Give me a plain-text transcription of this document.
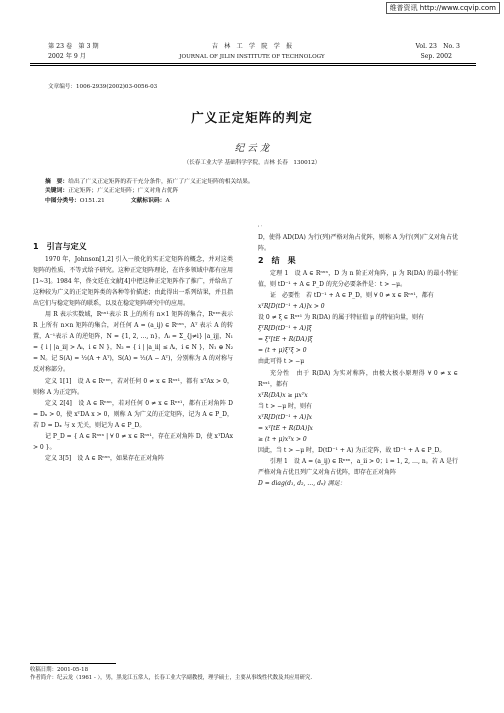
维普资讯 http://www.cqvip.com
第 23 卷　第 3 期
2002 年 9 月
吉　林　工　学　院　学　报
JOURNAL OF JILIN INSTITUTE OF TECHNOLOGY
Vol. 23　No. 3
Sep. 2002
文章编号：1006-2939(2002)03-0056-03
广义正定矩阵的判定
纪 云 龙
（长春工业大学 基础科学学院，吉林 长春　130012）
摘　要：给出了广义正定矩阵的若干充分条件，拓广了广义正定矩阵的相关结果。
关键词：正定矩阵；广义正定矩阵；广义对角占优阵
中图分类号：O151.21	文献标识码：A
1　引言与定义

1970 年，Johnson[1,2] 引入一般化的实正定矩阵的概念，并对这类矩阵的性质、不等式给予研究。这种正定矩阵理论，在许多领域中都有应用[1~3]。1984 年，佟文廷在文献[4]中把这种正定矩阵作了推广，并给出了这种较为广义的正定矩阵类的各种等价描述；由此得出一系列结果，并且指出它们与稳定矩阵的联系，以及在稳定矩阵研究中的应用。

用 R 表示实数域，Rⁿˣ¹表示 R 上的所有 n×1 矩阵的集合，Rⁿˣⁿ表示 R 上所有 n×n 矩阵的集合，对任何 A = (a_ij) ∈ Rⁿˣⁿ，Aᵀ 表示 A 的转置，A⁻¹表示 A 的逆矩阵，N = {1, 2, …, n}，Λᵢ = Σ_{j≠i} |a_ij|，N₁ = { i | |a_ii| > Λᵢ，i ∈ N }，N₂ = { i | |a_ii| ≤ Λᵢ，i ∈ N }，N₁ ⊕ N₂ = N。记 S(A) = ½(A + Aᵀ)，S(A) = ½(A − Aᵀ)，分别称为 A 的对称与反对称部分。

定义 1[1]　设 A ∈ Rⁿˣⁿ，若对任何 0 ≠ x ∈ Rⁿˣ¹，都有 xᵀAx > 0，则称 A 为正定阵。

定义 2[4]　设 A ∈ Rⁿˣⁿ，若对任何 0 ≠ x ∈ Rⁿˣ¹，都有正对角阵 D = Dₓ > 0，使 xᵀDA x > 0，则称 A 为广义的正定矩阵，记为 A ∈ P_D，若 D = Dₓ 与 x 无关，则记为 A ∈ P_D。

记 P_D = { A ∈ Rⁿˣⁿ | ∀ 0 ≠ x ∈ Rⁿˣ¹，存在正对角阵 D，使 xᵀDAx > 0 }。

定义 3[5]　设 A ∈ Rⁿˣⁿ，如果存在正对角阵

' ′

D，使得 AD(DA) 为行(列)严格对角占优阵，则称 A 为行(列)广义对角占优阵。

2　结　果

定理 1　设 A ∈ Rⁿˣⁿ，D 为 n 阶正对角阵，μ 为 R(DA) 的最小特征值，则 tD⁻¹ + A ∈ P_D 的充分必要条件是：t > −μ。

证　必要性　若 tD⁻¹ + A ∈ P_D，则 ∀ 0 ≠ x ∈ Rⁿˣ¹，都有

xᵀR[D(tD⁻¹ + A)]x > 0

设 0 ≠ ξ ∈ Rⁿˣ¹ 为 R(DA) 的属于特征值 μ 的特征向量，则有

ξᵀR[D(tD⁻¹ + A)]ξ

= ξᵀ[tE + R(DA)]ξ

= (t + μ)ξᵀξ > 0

由此可得 t > −μ

充分性　由于 R(DA) 为实对称阵，由极大极小原理得 ∀ 0 ≠ x ∈ Rⁿˣ¹，都有

xᵀR(DA)x ≥ μxᵀx

当 t > −μ 时，则有

xᵀR[D(tD⁻¹ + A)]x

= xᵀ[tE + R(DA)]x

≥ (t + μ)xᵀx > 0

因此，当 t > −μ 时，D(tD⁻¹ + A) 为正定阵，故 tD⁻¹ + A ∈ P_D。

引理 1　设 A = (a_ij) ∈ Rⁿˣⁿ，a_ii > 0；i = 1, 2, …, n。若 A 是行严格对角占优且列广义对角占优阵，即存在正对角阵

D = diag(d₁, d₂, …, dₙ) 满足：

收稿日期：2001-05-18
作者简介：纪云龙（1961 - ），男，黑龙江五常人，长春工业大学副教授，理学硕士，主要从事线性代数及其应用研究.
